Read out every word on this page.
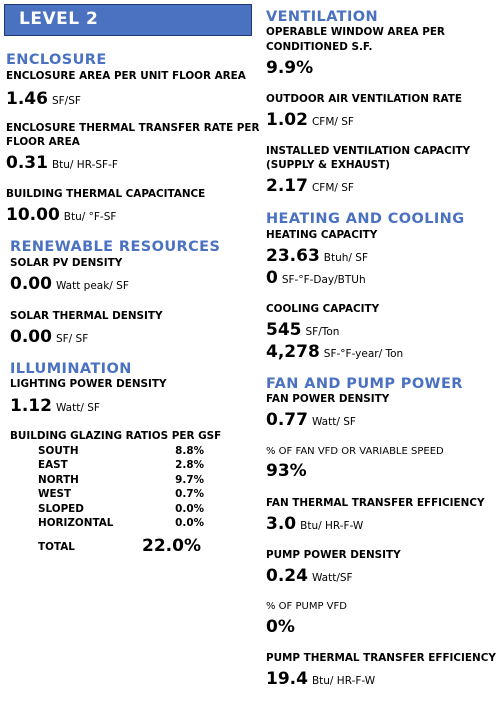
LEVEL 2
ENCLOSURE
ENCLOSURE AREA PER UNIT FLOOR AREA
1.46 SF/SF
ENCLOSURE THERMAL TRANSFER RATE PER
FLOOR AREA
0.31 Btu/ HR-SF-F
BUILDING THERMAL CAPACITANCE
10.00 Btu/ °F-SF
RENEWABLE RESOURCES
SOLAR PV DENSITY
0.00 Watt peak/ SF
SOLAR THERMAL DENSITY
0.00 SF/ SF
ILLUMINATION
LIGHTING POWER DENSITY
1.12 Watt/ SF
BUILDING GLAZING RATIOS PER GSF
SOUTH	8.8%
EAST	2.8%
NORTH	9.7%
WEST	0.7%
SLOPED	0.0%
HORIZONTAL	0.0%
TOTAL	22.0%
VENTILATION
OPERABLE WINDOW AREA PER
CONDITIONED S.F.
9.9%
OUTDOOR AIR VENTILATION RATE
1.02 CFM/ SF
INSTALLED VENTILATION CAPACITY
(SUPPLY & EXHAUST)
2.17 CFM/ SF
HEATING AND COOLING
HEATING CAPACITY
23.63 Btuh/ SF
0 SF-°F-Day/BTUh
COOLING CAPACITY
545 SF/Ton
4,278 SF-°F-year/ Ton
FAN AND PUMP POWER
FAN POWER DENSITY
0.77 Watt/ SF
% OF FAN VFD OR VARIABLE SPEED
93%
FAN THERMAL TRANSFER EFFICIENCY
3.0 Btu/ HR-F-W
PUMP POWER DENSITY
0.24 Watt/SF
% OF PUMP VFD
0%
PUMP THERMAL TRANSFER EFFICIENCY
19.4 Btu/ HR-F-W
